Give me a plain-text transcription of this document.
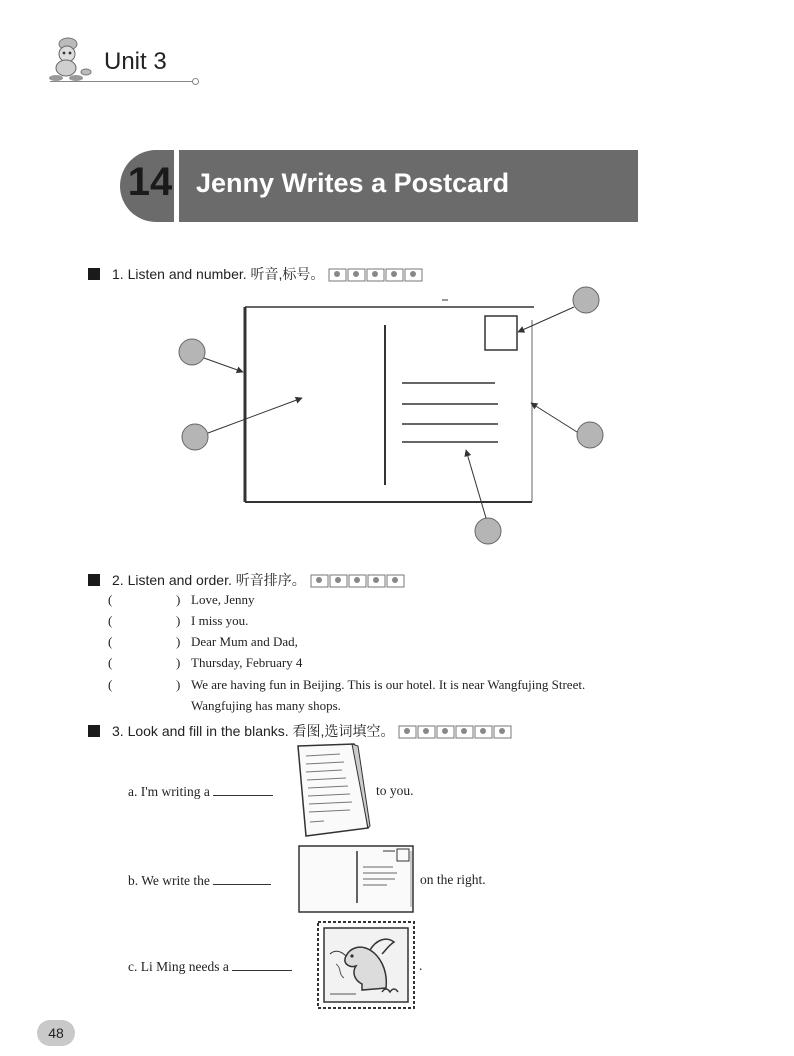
Unit 3
14 Jenny Writes a Postcard
1. Listen and number. 听音,标号。
2. Listen and order. 听音排序。
(	) Love, Jenny
(	) I miss you.
(	) Dear Mum and Dad,
(	) Thursday, February 4
(	) We are having fun in Beijing. This is our hotel. It is near Wangfujing Street.
Wangfujing has many shops.
3. Look and fill in the blanks. 看图,选词填空。
a. I'm writing a	to you.
b. We write the	on the right.
c. Li Ming needs a	.
48
